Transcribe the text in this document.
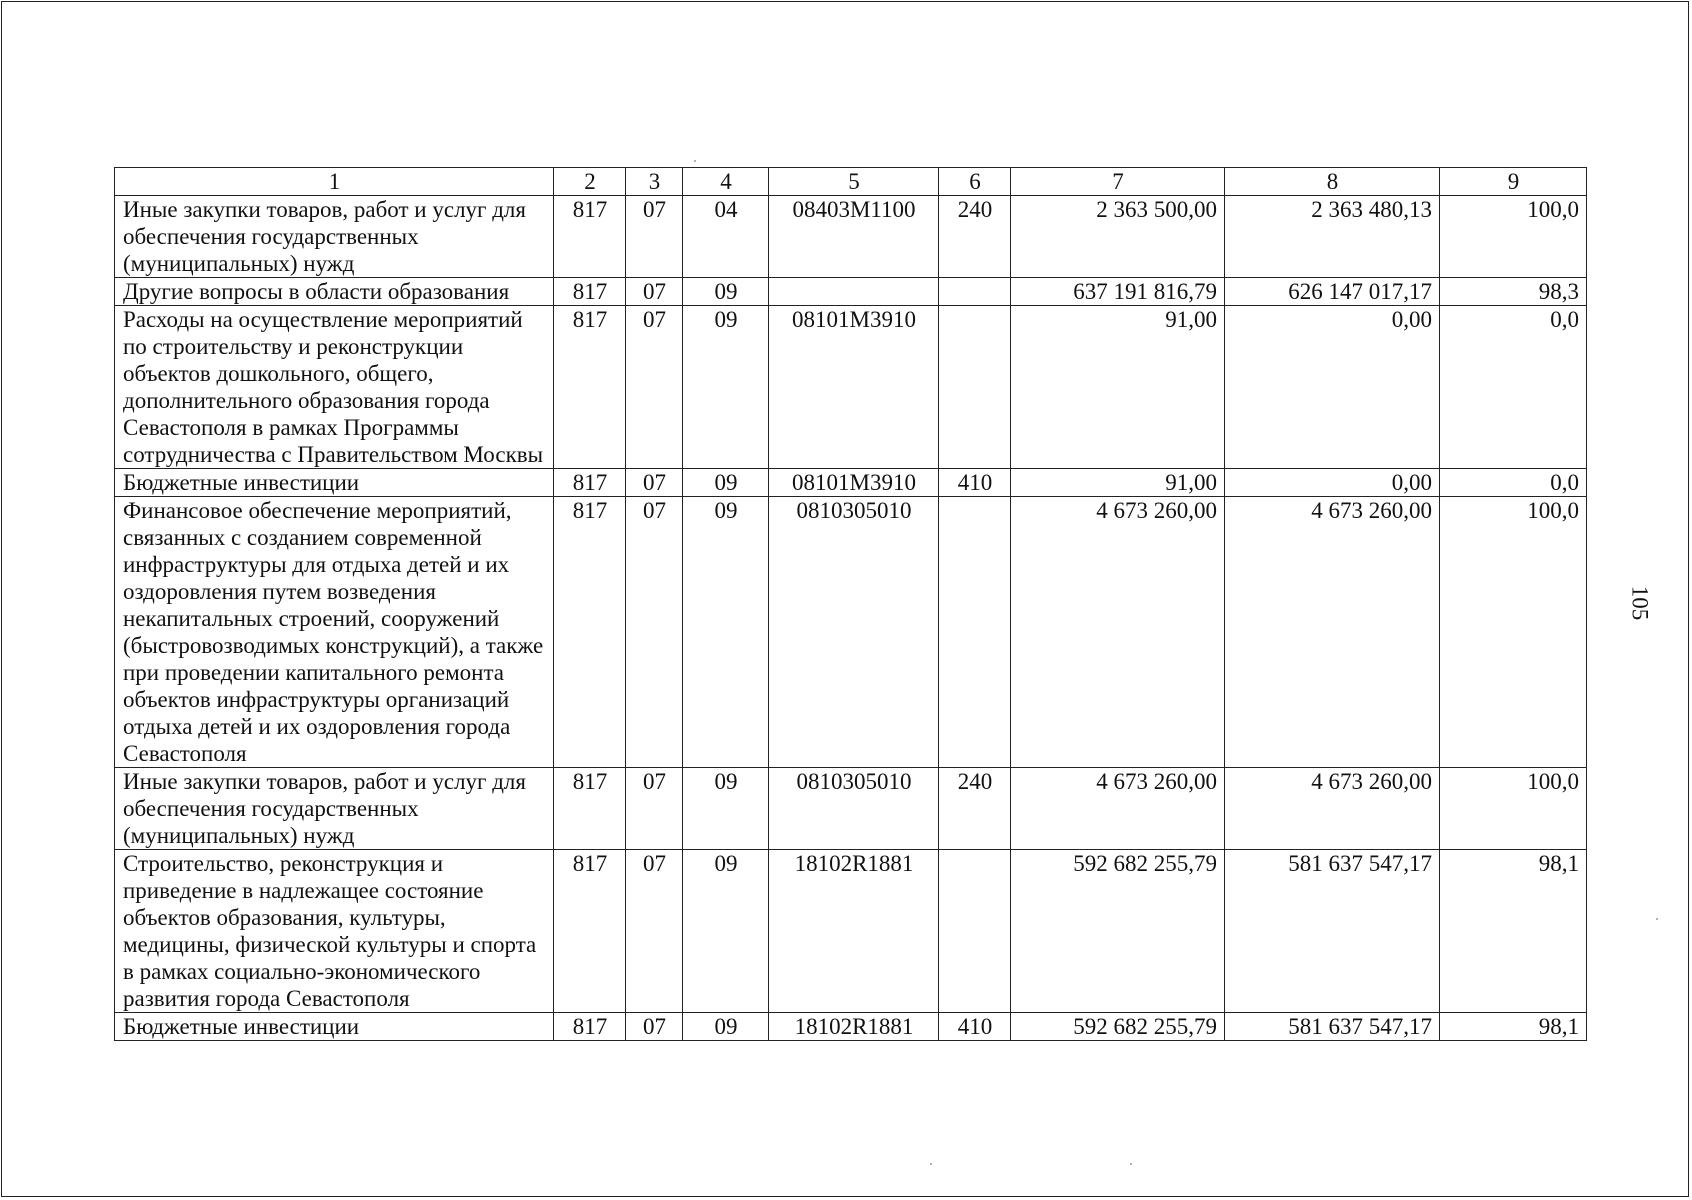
1	2	3	4	5	6	7	8	9
Иные закупки товаров, работ и услуг для обеспечения государственных (муниципальных) нужд	817	07	04	08403М1100	240	2 363 500,00	2 363 480,13	100,0
Другие вопросы в области образования	817	07	09			637 191 816,79	626 147 017,17	98,3
Расходы на осуществление мероприятий по строительству и реконструкции объектов дошкольного, общего, дополнительного образования города Севастополя в рамках Программы сотрудничества с Правительством Москвы	817	07	09	08101М3910		91,00	0,00	0,0
Бюджетные инвестиции	817	07	09	08101М3910	410	91,00	0,00	0,0
Финансовое обеспечение мероприятий, связанных с созданием современной инфраструктуры для отдыха детей и их оздоровления путем возведения некапитальных строений, сооружений (быстровозводимых конструкций), а также при проведении капитального ремонта объектов инфраструктуры организаций отдыха детей и их оздоровления города Севастополя	817	07	09	0810305010		4 673 260,00	4 673 260,00	100,0
Иные закупки товаров, работ и услуг для обеспечения государственных (муниципальных) нужд	817	07	09	0810305010	240	4 673 260,00	4 673 260,00	100,0
Строительство, реконструкция и приведение в надлежащее состояние объектов образования, культуры, медицины, физической культуры и спорта в рамках социально-экономического развития города Севастополя	817	07	09	18102R1881		592 682 255,79	581 637 547,17	98,1
Бюджетные инвестиции	817	07	09	18102R1881	410	592 682 255,79	581 637 547,17	98,1
105
